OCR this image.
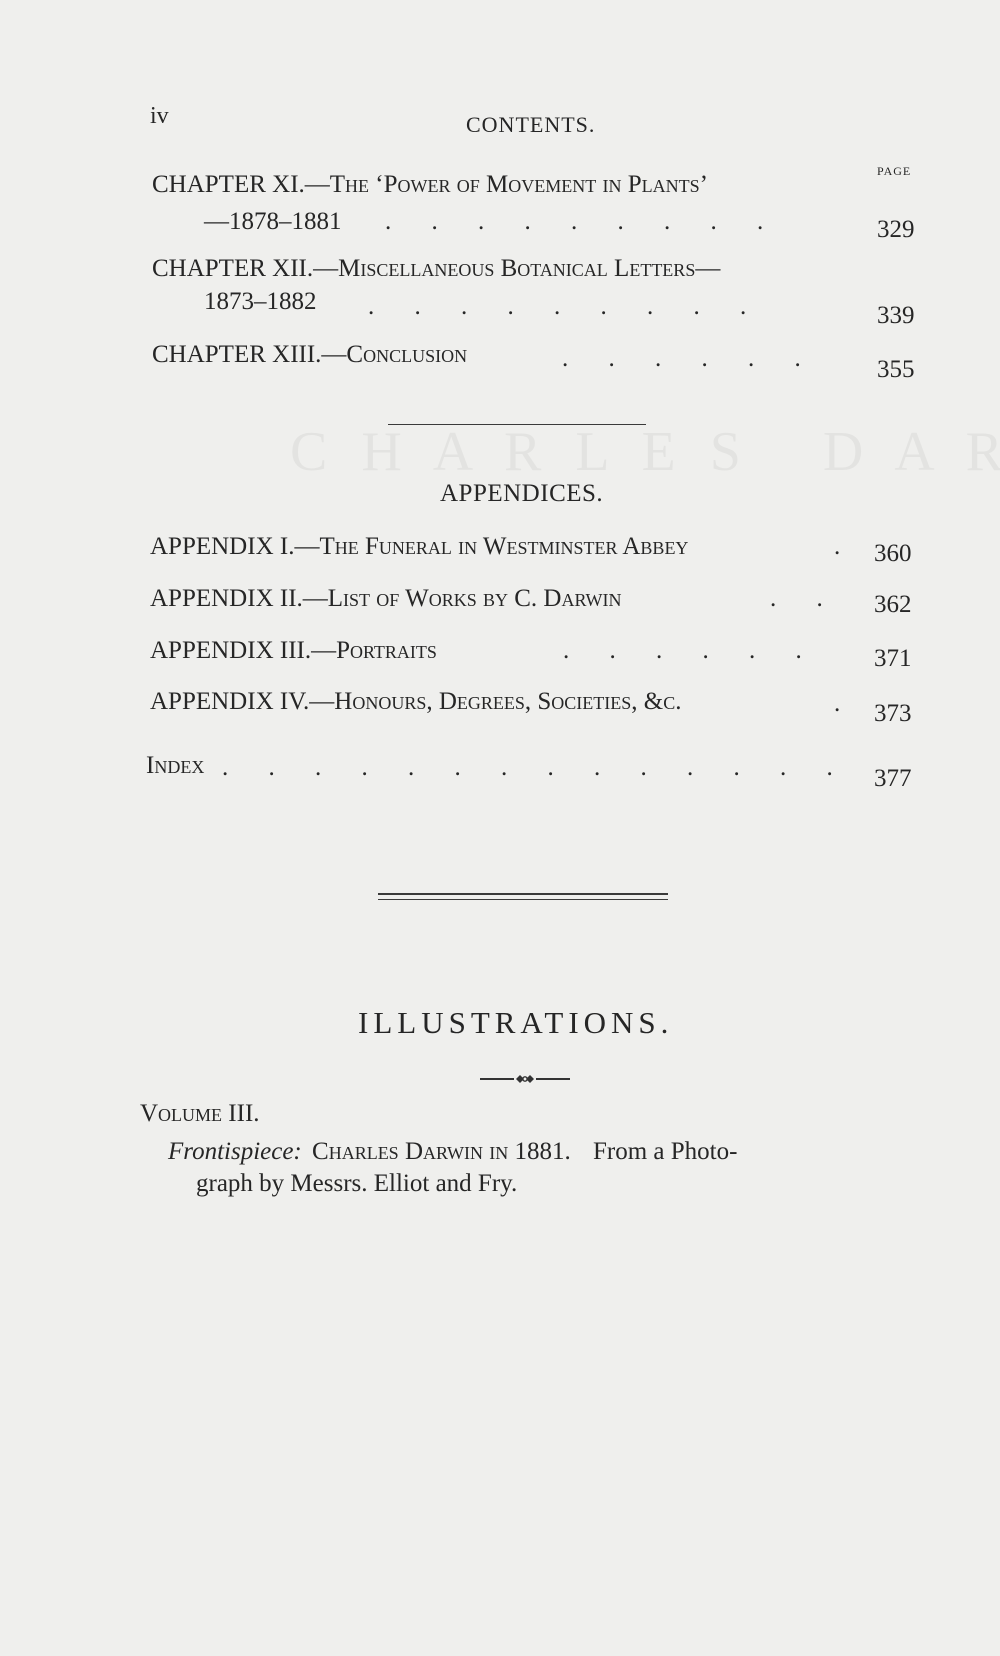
iv	CONTENTS.
PAGE
CHAPTER XI.—The ‘Power of Movement in Plants’
—1878–1881 . . . . . . . . .	329
CHAPTER XII.—Miscellaneous Botanical Letters—
1873–1882 . . . . . . . . .	339
CHAPTER XIII.—Conclusion	. . . . . . 355
APPENDICES.
APPENDIX I.—The Funeral in Westminster Abbey	. 360
APPENDIX II.—List of Works by C. Darwin	. . 362
APPENDIX III.—Portraits	. . . . . . 371
APPENDIX IV.—Honours, Degrees, Societies, &c.	. 373
Index . . . . . . . . . . . . . . 377
ILLUSTRATIONS.
Volume III.
Frontispiece: Charles Darwin in 1881. From a Photo-
graph by Messrs. Elliot and Fry.
